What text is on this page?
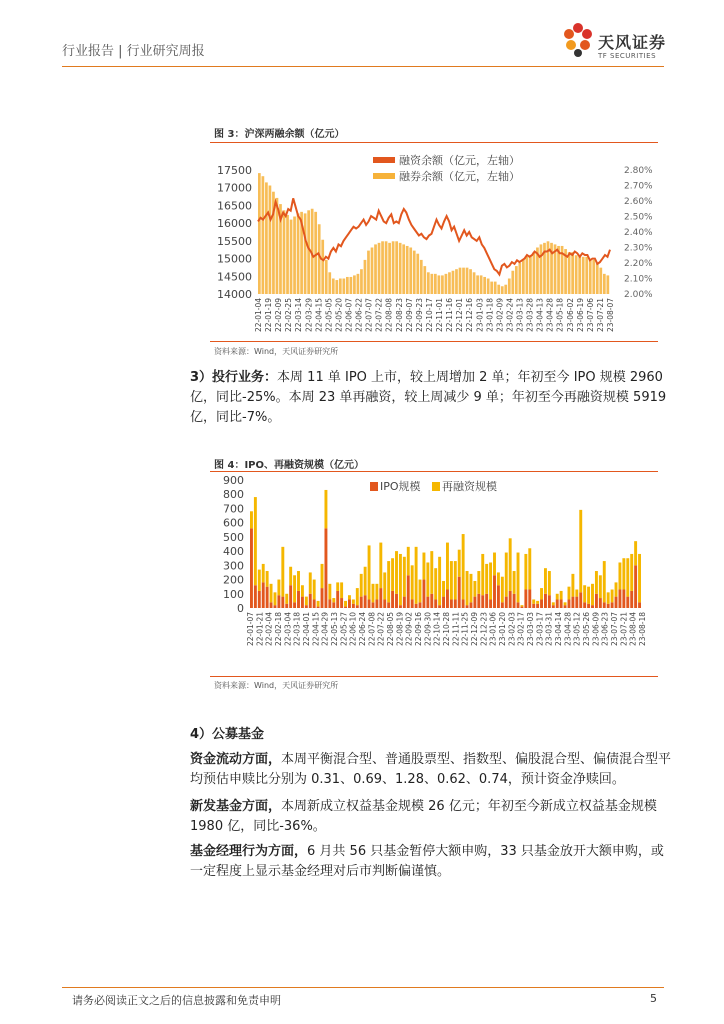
行业报告 | 行业研究周报	天风证券
TF SECURITIES
图 3：沪深两融余额（亿元）
17500
17000
16500
16000
15500
15000
14500
14000
2.80%
2.70%
2.60%
2.50%
2.40%
2.30%
2.20%
2.10%
2.00%
22-01-04 22-01-19 22-02-09 22-02-25 22-03-14 22-03-29 22-04-15 22-05-05 22-05-20 22-06-07 22-06-22 22-07-07 22-07-22 22-08-08 22-08-23 22-09-07 22-09-23 22-10-17 22-11-01 22-11-16 22-12-01 22-12-16 23-01-03 23-01-18 23-02-09 23-02-24 23-03-13 23-03-28 23-04-13 23-04-28 23-05-18 23-06-02 23-06-19 23-07-06 23-07-21 23-08-07
融资余额（亿元，左轴）
融券余额（亿元，左轴）
资料来源：Wind，天风证券研究所
3）投行业务：本周 11 单 IPO 上市，较上周增加 2 单；年初至今 IPO 规模 2960 亿，同比-25%。本周 23 单再融资，较上周减少 9 单；年初至今再融资规模 5919 亿，同比-7%。
图 4：IPO、再融资规模（亿元）
900
800
700
600
500
400
300
200
100
0
22-01-07 22-01-21 22-02-04 22-02-18 22-03-04 22-03-18 22-04-01 22-04-15 22-04-29 22-05-13 22-05-27 22-06-10 22-06-24 22-07-08 22-07-22 22-08-05 22-08-19 22-09-02 22-09-16 22-09-30 22-10-14 22-10-28 22-11-11 22-11-25 22-12-09 22-12-23 23-01-06 23-01-20 23-02-03 23-02-17 23-03-03 23-03-17 23-03-31 23-04-14 23-04-28 23-05-12 23-05-26 23-06-09 23-06-23 23-07-07 23-07-21 23-08-04 23-08-18
IPO规模 再融资规模
资料来源：Wind，天风证券研究所
4）公募基金
资金流动方面，本周平衡混合型、普通股票型、指数型、偏股混合型、偏债混合型平均预估申赎比分别为 0.31、0.69、1.28、0.62、0.74，预计资金净赎回。
新发基金方面，本周新成立权益基金规模 26 亿元；年初至今新成立权益基金规模 1980 亿，同比-36%。
基金经理行为方面，6 月共 56 只基金暂停大额申购，33 只基金放开大额申购，或一定程度上显示基金经理对后市判断偏谨慎。
请务必阅读正文之后的信息披露和免责申明	5
